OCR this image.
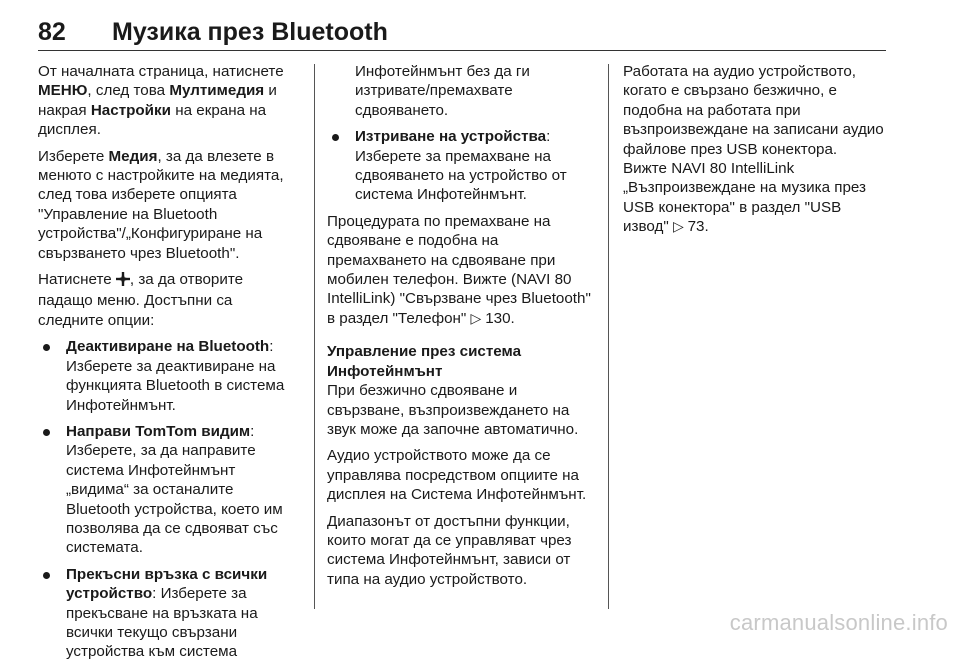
82	Музика през Bluetooth

От началната страница, натиснете МЕНЮ, след това Мултимедия и накрая Настройки на екрана на дисплея.

Изберете Медия, за да влезете в менюто с настройките на медията, след това изберете опцията "Управление на Bluetooth устройства"/„Конфигуриране на свързването чрез Bluetooth".

Натиснете , за да отворите падащо меню. Достъпни са следните опции:

Деактивиране на Bluetooth: Изберете за деактивиране на функцията Bluetooth в система Инфотейнмънт.
Направи TomTom видим: Изберете, за да направите система Инфотейнмънт „видима“ за останалите Bluetooth устройства, което им позволява да се сдвояват със системата.
Прекъсни връзка с всички устройство: Изберете за прекъсване на връзката на всички текущо свързани устройства към система

Инфотейнмънт без да ги изтривате/премахвате сдвояването.

Изтриване на устройства: Изберете за премахване на сдвояването на устройство от система Инфотейнмънт.

Процедурата по премахване на сдвояване е подобна на премахването на сдвояване при мобилен телефон. Вижте (NAVI 80 IntelliLink) "Свързване чрез Bluetooth" в раздел "Телефон" ▷ 130.

Управление през система Инфотейнмънт

При безжично сдвояване и свързване, възпроизвеждането на звук може да започне автоматично.

Аудио устройството може да се управлява посредством опциите на дисплея на Система Инфотейнмънт.

Диапазонът от достъпни функции, които могат да се управляват чрез система Инфотейнмънт, зависи от типа на аудио устройството.

Работата на аудио устройството, когато е свързано безжично, е подобна на работата при възпроизвеждане на записани аудио файлове през USB конектора. Вижте NAVI 80 IntelliLink „Възпроизвеждане на музика през USB конектора" в раздел "USB извод" ▷ 73.

carmanualsonline.info
